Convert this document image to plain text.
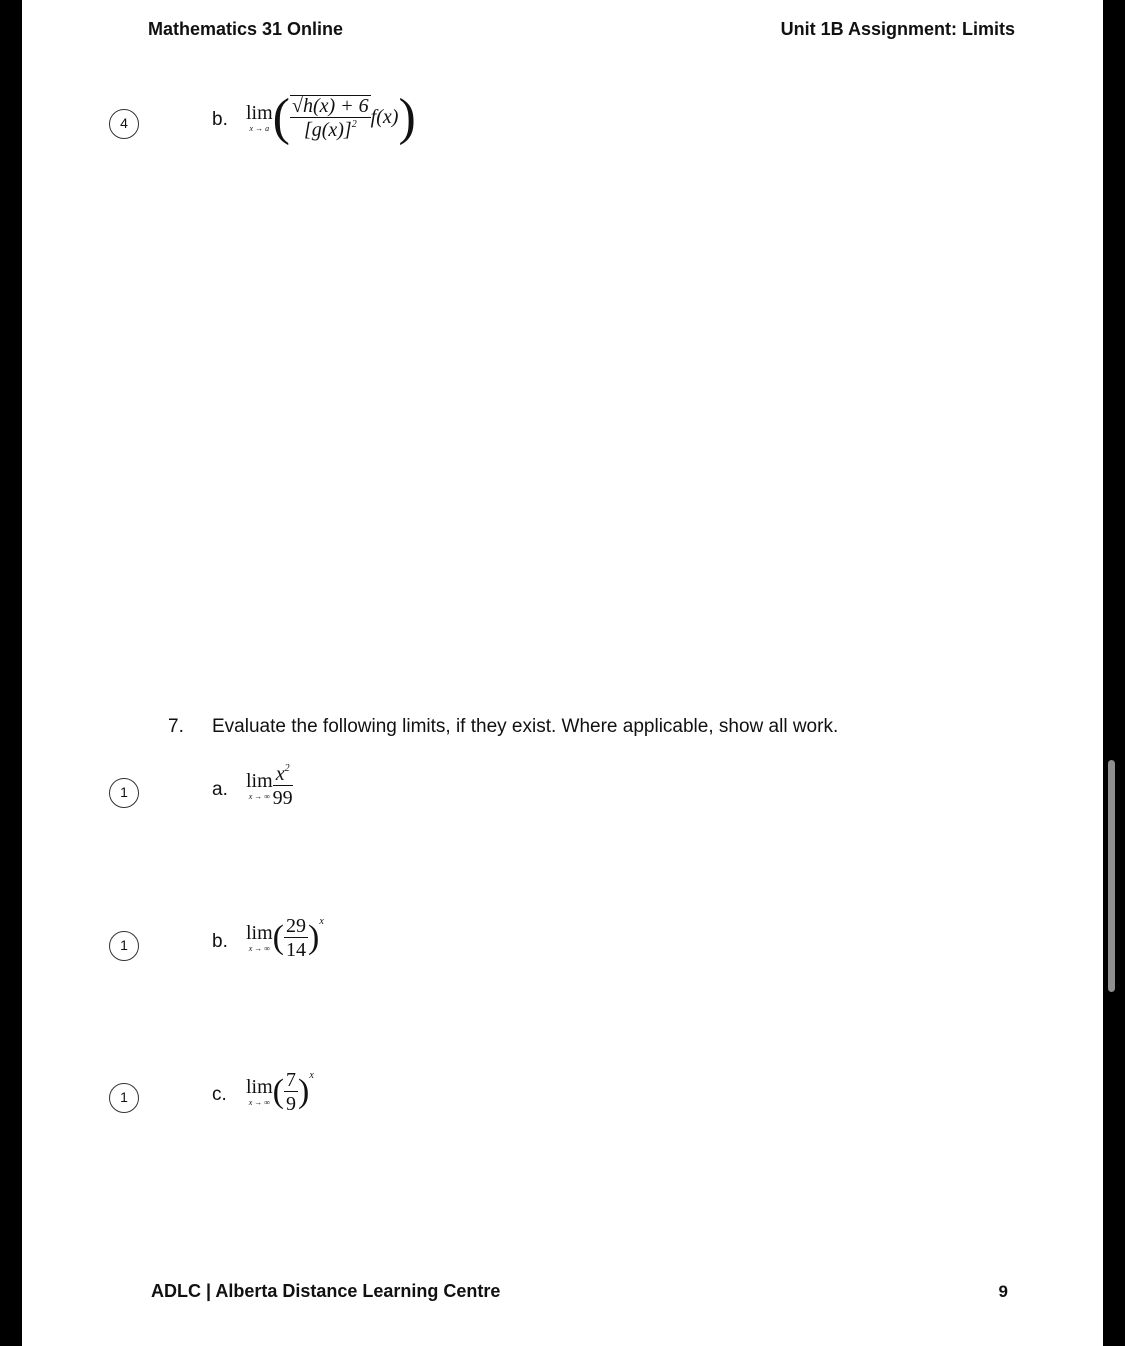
Mathematics 31 Online	Unit 1B Assignment: Limits
4	b. lim
x → a ( $\frac{√h(x) + 6}{[g(x)]^2} f(x)$)
7. Evaluate the following limits, if they exist. Where applicable, show all work.
1	a. lim
x → ∞ $\frac{x^2}{99}$
1	b. lim
x → ∞ ( $\frac{29}{14} )^x$
1	c. lim
x → ∞ ( $\frac{7}{9} )^x$
ADLC | Alberta Distance Learning Centre	9
